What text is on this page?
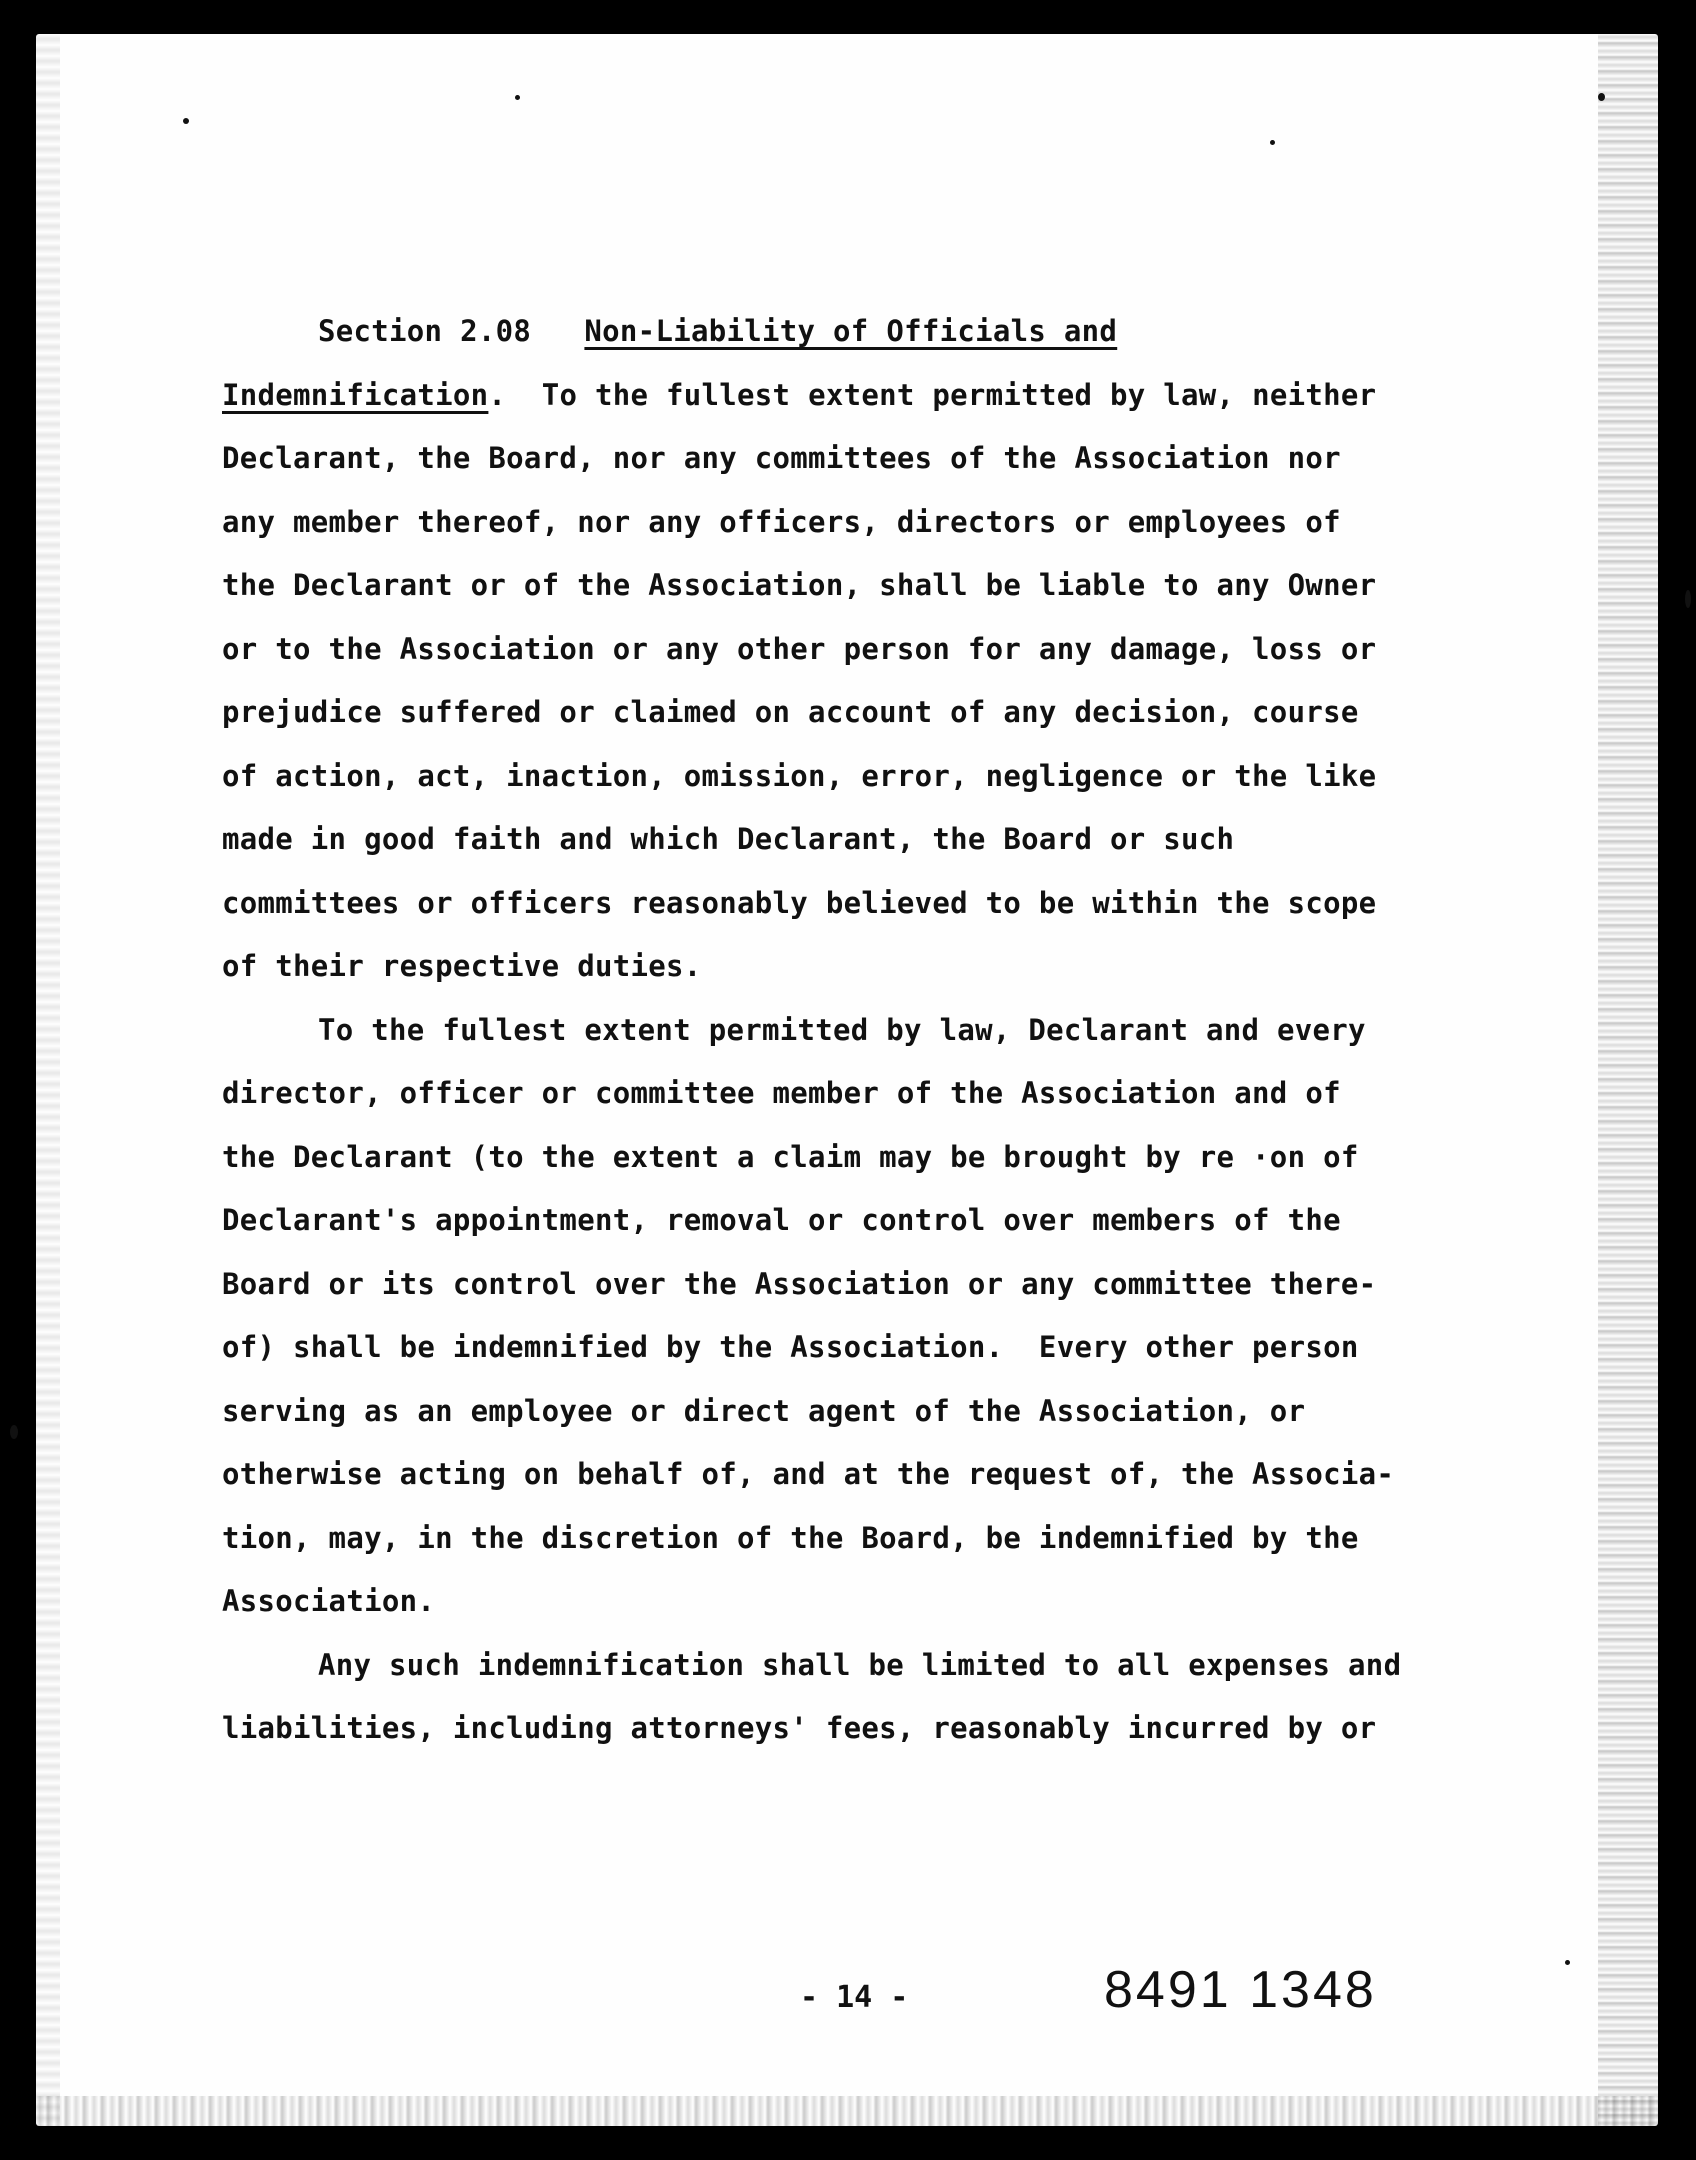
Section 2.08 Non-Liability of Officials and
Indemnification.  To the fullest extent permitted by law, neither
Declarant, the Board, nor any committees of the Association nor
any member thereof, nor any officers, directors or employees of
the Declarant or of the Association, shall be liable to any Owner
or to the Association or any other person for any damage, loss or
prejudice suffered or claimed on account of any decision, course
of action, act, inaction, omission, error, negligence or the like
made in good faith and which Declarant, the Board or such
committees or officers reasonably believed to be within the scope
of their respective duties.
To the fullest extent permitted by law, Declarant and every
director, officer or committee member of the Association and of
the Declarant (to the extent a claim may be brought by re ·on of
Declarant's appointment, removal or control over members of the
Board or its control over the Association or any committee there-
of) shall be indemnified by the Association.  Every other person
serving as an employee or direct agent of the Association, or
otherwise acting on behalf of, and at the request of, the Associa-
tion, may, in the discretion of the Board, be indemnified by the
Association.
Any such indemnification shall be limited to all expenses and
liabilities, including attorneys' fees, reasonably incurred by or
- 14 -	8491 1348
